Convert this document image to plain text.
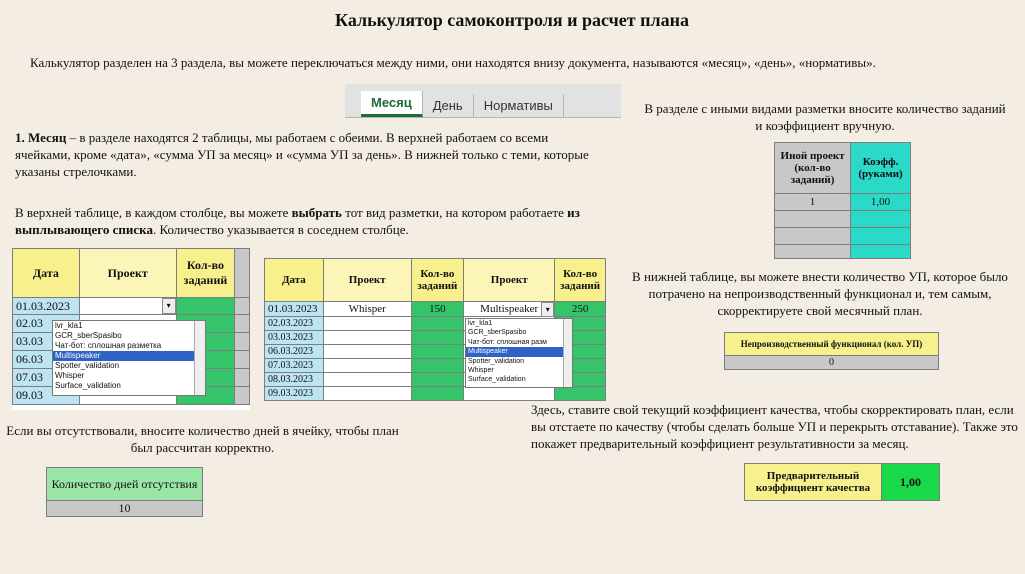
Калькулятор самоконтроля и расчет плана
Калькулятор разделен на 3 раздела, вы можете переключаться между ними, они находятся внизу документа, называются «месяц», «день», «нормативы».
Месяц	День	Нормативы
1. Месяц – в разделе находятся 2 таблицы, мы работаем с обеими. В верхней работаем со всеми ячейками, кроме «дата», «сумма УП за месяц» и «сумма УП за день». В нижней только с теми, которые указаны стрелочками.
В верхней таблице, в каждом столбце, вы можете выбрать тот вид разметки, на котором работаете из выплывающего списка. Количество указывается в соседнем столбце.
Дата	Проект	Кол-во заданий	
01.03.2023	▾		

02.03			
03.03			
06.03			
07.03			
09.03			
lvr_kla1
GCR_sberSpasibo
Чат-бот: сплошная разметка
Multispeaker
Spotter_validation
Whisper
Surface_validation
Дата	Проект	Кол-во заданий	Проект	Кол-во заданий
01.03.2023	Whisper	150	Multispeaker ▾	250
02.03.2023				
03.03.2023				
06.03.2023				
07.03.2023				
08.03.2023				
09.03.2023				
lvr_kla1
GCR_sberSpasibo
Чат-бот: сплошная разм
Multispeaker
Spotter_validation
Whisper
Surface_validation
В разделе с иными видами разметки вносите количество заданий и коэффициент вручную.
Иной проект (кол-во заданий)	Коэфф. (руками)
1	1,00

В нижней таблице, вы можете внести количество УП, которое было потрачено на непроизводственный функционал и, тем самым, скорректируете свой месячный план.
Непроизводственный функционал (кол. УП)
0
Если вы отсутствовали, вносите количество дней в ячейку, чтобы план был рассчитан корректно.
Количество дней отсутствия
10
Здесь, ставите свой текущий коэффициент качества, чтобы скорректировать план, если вы отстаете по качеству (чтобы сделать больше УП и перекрыть отставание). Также это покажет предварительный коэффициент результативности за месяц.
Предварительный коэффициент качества	1,00
